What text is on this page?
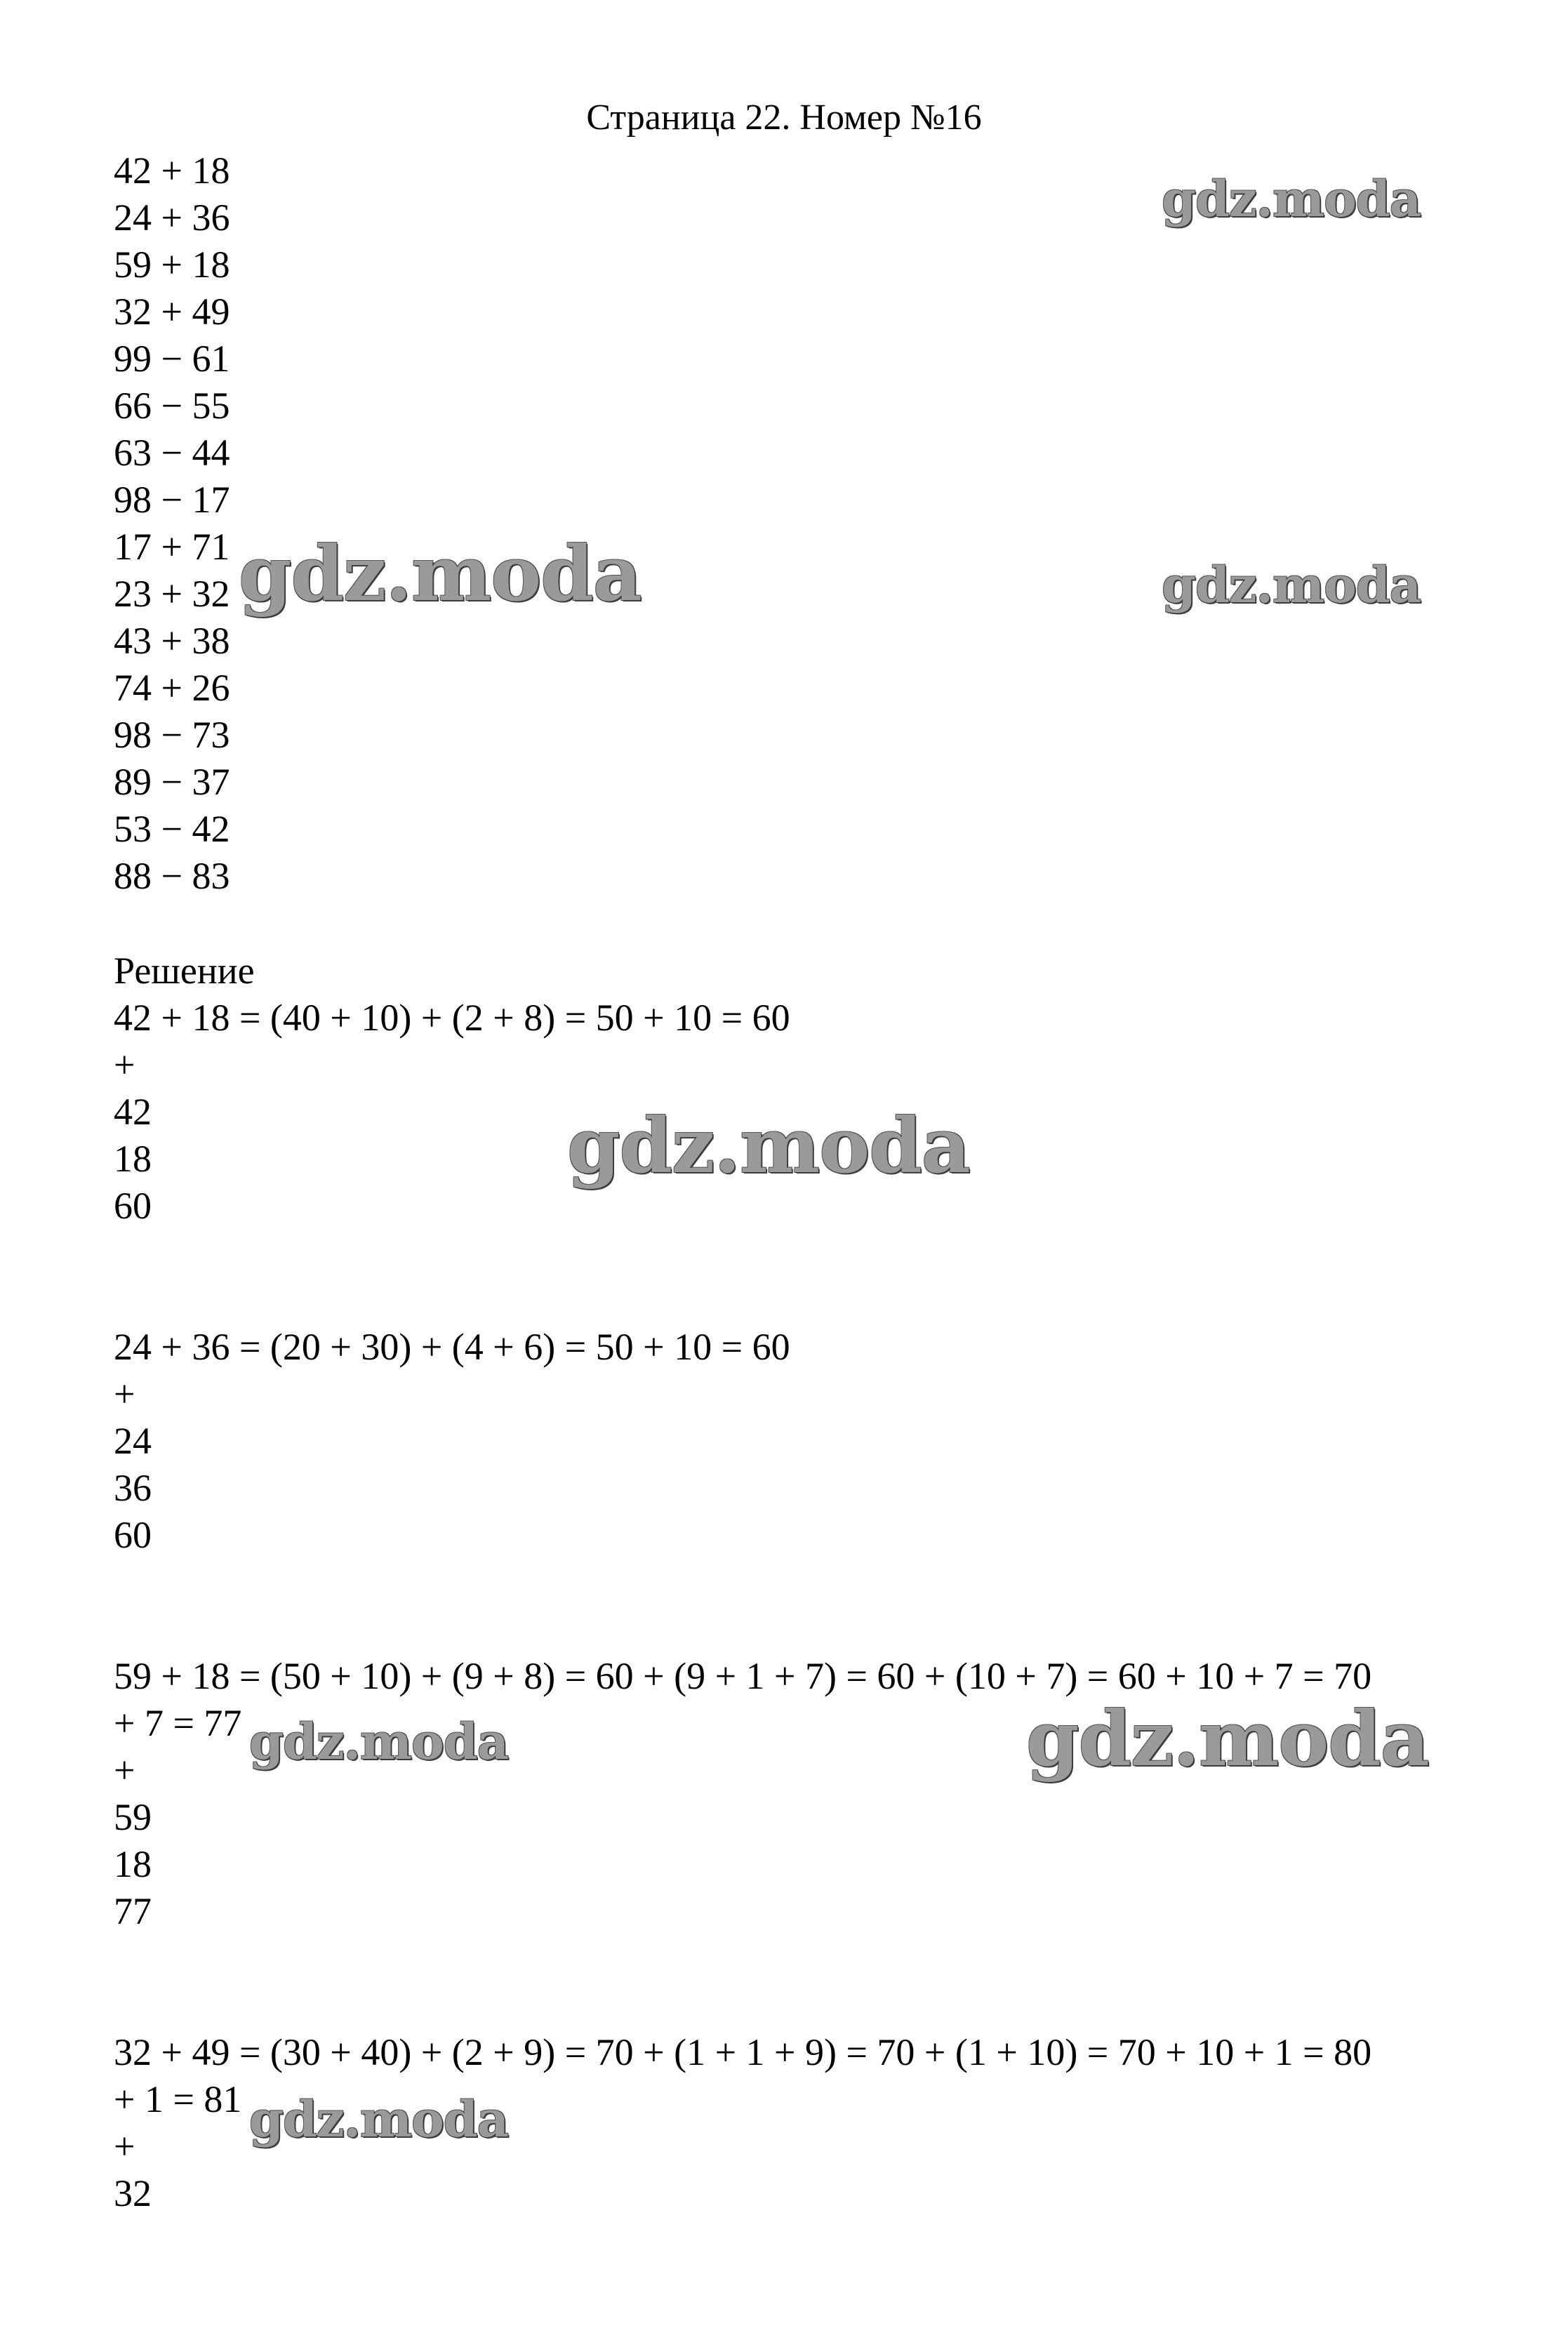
Страница 22. Номер №16
42 + 18
24 + 36
59 + 18
32 + 49
99 − 61
66 − 55
63 − 44
98 − 17
17 + 71
23 + 32
43 + 38
74 + 26
98 − 73
89 − 37
53 − 42
88 − 83
Решение
42 + 18 = (40 + 10) + (2 + 8) = 50 + 10 = 60
+
42
18
60
24 + 36 = (20 + 30) + (4 + 6) = 50 + 10 = 60
+
24
36
60
59 + 18 = (50 + 10) + (9 + 8) = 60 + (9 + 1 + 7) = 60 + (10 + 7) = 60 + 10 + 7 = 70
+ 7 = 77
+
59
18
77
32 + 49 = (30 + 40) + (2 + 9) = 70 + (1 + 1 + 9) = 70 + (1 + 10) = 70 + 10 + 1 = 80
+ 1 = 81
+
32
gdz.moda
gdz.moda	gdz.moda
gdz.moda
gdz.moda	gdz.moda
gdz.moda
